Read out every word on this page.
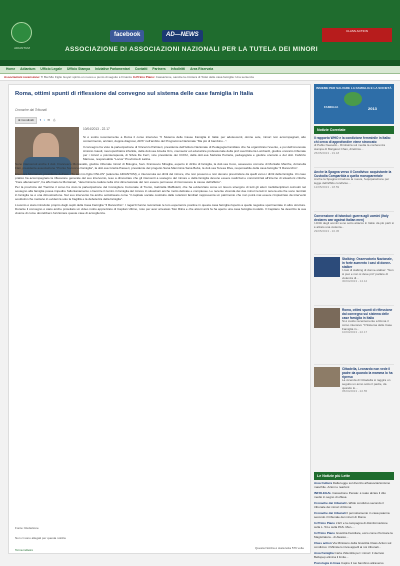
ADIANTUM
facebook	AD—NEWS
CLASS ACTION
ASSOCIAZIONE DI ASSOCIAZIONI NAZIONALI PER LA TUTELA DEI MINORI
Home Adiantum Ufficio Legale Ufficio Stampa Iniziative Parlamentari Contatti Partners Infodiritti Area Riservata
Associazioni recensione: Ti Bai Mio Figlio Goyal: spirito un nuovo e punto di seguito è Finanze In Primo Piano: Cassazione, sancite la cimitera di Toilet delle casa famiglia: Una sentenza
Roma, ottimi spunti di riflessione dal convegno sul sistema delle case famiglia in Italia
Cronache dai Tribunali
⊕ Condividi	f t ✉ ⎙
10/04/2013 - 22.17
Si è svolto recentemente a Roma il corso intensivo "Il Sistema delle Casse Famiglia in Italia: per adolescenti, donne sole, minori non accompagnati, alto contenimento, anziani, doppia diagnosi, ADS" nell'ambito del Programma Nazionale "Ma più di bambino...".
Il convegno ha visto la partecipazione di Vincenzo Palmieri, presidente dell'Istituto Nazionale di Pedagogia Familiare che ha organizzato l'evento, e poi dell'onorevole Antonio Gaudi, neuropsichiatra infantile, della dott.ssa Amelia Izzo, counselor ed educatrice professionale della prof.ssa Roberta Lombardi, giudice onorario tribunale per i minori e psicoterapeuta, di Silvia De Ferri, vice presidente dei CCDU, della dott.ssa Stefania Petraria, pedagogista e giudice onorario e del dott. Fabrizio Marrese, responsabile "Locus" Provincia di Latina.
Sono intervenuti anche il dott. Francesco Morcavallo, giudice tribunale minori di Bologna, l'avv. Francesco Miraglia, esperto in diritto di famiglia, la dott.ssa Coco, assessore comune di Montalto Marche, Antonella Flati, presidente associazione "Pronto Soccorso Famiglia", la dott.ssa Grazia Passeri, presidente del progetto Sana Mammina Sana Bebè, la dott.ssa Teresa Riva, responsabile della casa famiglia "Il Ranocchio".
Eleonora Montanari, presidente dell'ass. "Tu sei mio figlio ONLUS" (aderente ADIANTUM), è intervenuta sui diritti del minore, che non possono e non devono prescindere da quelli verso i diritti della famiglia. Un caso pratico ha accompagnato la riflessione generale del suo intervento, teso a dimostrare che gli interventi a sostegno del minore e della famiglia devono essere realizzati e concretizzati all'interno di situazioni critiche "Fare allenamenti", ha affermato la Montanari, "determina la caduta nella crisi dimensionale del non essere permesso di riconoscere le cause dell'affetto".
Per la provincia del Trentino il corso ha visto la partecipazione del Consigliere Comunale di Trento, Gabriella Maffioletti, che ha evidenziato come un lavoro sinergico di tutti gli attori multidisciplinari coinvolti nel sostegno alla famiglia possa impedire l'allontanamento o favorire il rientro in famiglia del minore in situazioni anche molto delicate e complesse. Le recente vicenda dei due minori tenuti in tenera età che sono rientrati in famiglia ne è una dimostrazione. Nel suo intervento ha anche sottolineato come "il capitale sociale costituito dalle relazioni familiari rappresenta un patrimonio che non potrà mai essere rimpiazzato da interventi sostitutivi che mettano in evidenza solo la fragilità e la debolezza della famiglia".
L'evento è stato introdotto proprio dagli ospiti della Casa Famiglia "Il Ranocchio". I ragazzi hanno raccontato le loro esperienze positive in questa casa famiglia rispetto a quelle negative sperimentate in altre strutture. Durante il convegno è stato anche proiettato un video molto apprezzato di Capitan Ultimo, noto per aver arrestato Totò Riina e che alcuni anni fa ha aperto una casa famiglia modello. Il Capitano ha descritto la sua visione di come dovrebbero funzionare queste case di accoglienza.
Fonte: Redazione
Non ci sono allegati per questa notizia
Torna indietro	Questa Notizia è stata letta 576 volte
INSIEME PER SALVARE LA FAMIGLIA E LA SOCIETÀ
FAMIGLIA	2013
Notizie Correlate
Il rapporto WHO e la condizione femminile in Italia: chi cerca di approfondire viene stroncato
di Pablo Neesello - Rimbalza sul media la conferenza stampa di Margaret Chan, direttrice...
25/05/2013 - 19.18
Anche la Spagna verso il Condiviso: acquistante la Custodia Compartida a quella monoparentale
Anche la Spagna introduce la nuova, l'equiparazione per legge dell'affido condiviso...
12/05/2013 - 18.59
Convenzione di Istanbul: guerra agli uomini (Italy declares war against Italian men)
I diritti degli uomini sono sotto attacco in Italia: da più parti si è alzato una violenta...
29/05/2013 - 10.45
Stalking: Osservatorio Nazionale, in forte aumento i casi di donne-stalker
I casi di stalking di donne-stalker: "Non si può e non si deve più" parlare di violenza di...
30/04/2013 - 14.12
Roma, ottimi spunti di riflessione dal convegno sul sistema delle case famiglia in Italia
Si è svolto recentemente a Roma il corso intensivo "Il Sistema delle Case Famiglia in...
10/04/2013 - 22.17
Cittadella, Leonardo non vede il padre da quando la mamma lo ha ripreso
La vicenda di Cittadella si raggira un seguito un anno sotto il padre, da quando lo...
05/04/2013 - 22.55
Le Notizie più Lette
Area Cultura Dalla legge sul divorzio all'associazionismo maschile. Azioni e reazioni
INFOLEGAL Cassazione Penale: è reato alzare il dito medio in segno di offesa
Cronache dai tribunali L'affido condiviso secondo il tribunale dei minori di Roma
Cronache dai tribunali Il pernottamento in casa paterna secondo il tribunale dei minori di Roma
In Primo Piano L'EV e la campagna di disinformazione sulla L. 54 e sulla PAS. Ma L...
In Primo Piano Giustizia Familiare, ecco come riformare la Magistratura - di Alessio...
Class action Via Ministero della Giustizia Class Action sul condiviso: il Ministero invia appelli ai noi tribunali...
Area Famiglia Carta d'identità per i minori: il decreto Bellopep elimina il limite...
Psicologia in linea Capire il tuo bambino attraverso
